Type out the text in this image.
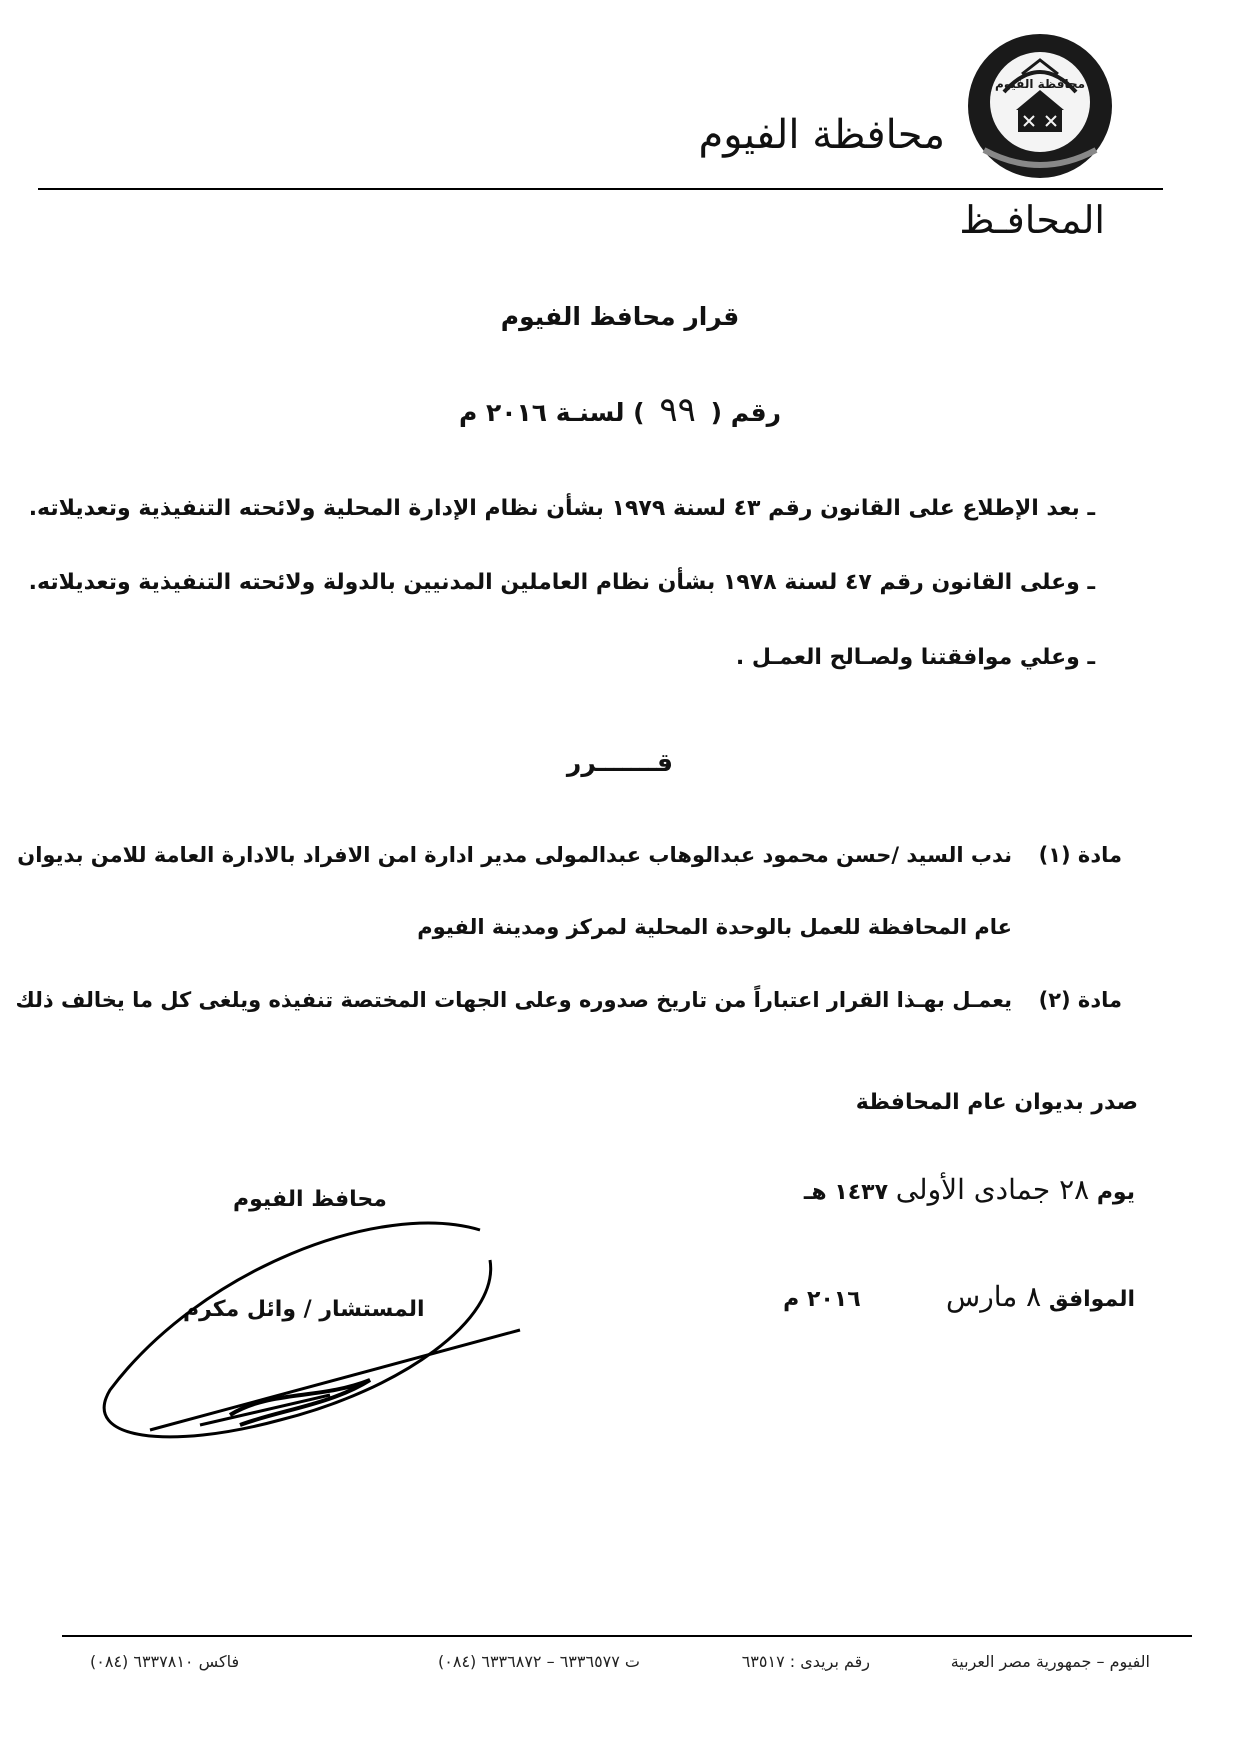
محافظة الفيوم
محافظة الفيوم
المحافـظ
قرار محافظ الفيوم
رقم ( ٩٩ ) لسنـة ٢٠١٦ م
ـ بعد الإطلاع على القانون رقم ٤٣ لسنة ١٩٧٩ بشأن نظام الإدارة المحلية ولائحته التنفيذية وتعديلاته.
ـ وعلى القانون رقم ٤٧ لسنة ١٩٧٨ بشأن نظام العاملين المدنيين بالدولة ولائحته التنفيذية وتعديلاته.
ـ وعلي موافقتنا ولصـالح العمـل .
قـــــــرر
مادة (١)
ندب السيد /حسن محمود عبدالوهاب عبدالمولى مدير ادارة امن الافراد بالادارة العامة للامن بديوان
عام المحافظة للعمل بالوحدة المحلية لمركز ومدينة الفيوم
مادة (٢)
يعمـل بهـذا القرار اعتباراً من تاريخ صدوره وعلى الجهات المختصة تنفيذه ويلغى كل ما يخالف ذلك
صدر بديوان عام المحافظة
يوم ٢٨ جمادى الأولى ١٤٣٧ هـ
الموافق ٨ مارس  ٢٠١٦ م
محافظ الفيوم
المستشار / وائل مكرم
الفيوم – جمهورية مصر العربية
رقم بريدى : ٦٣٥١٧
ت ٦٣٣٦٥٧٧ – ٦٣٣٦٨٧٢ (٠٨٤)
فاكس ٦٣٣٧٨١٠ (٠٨٤)
